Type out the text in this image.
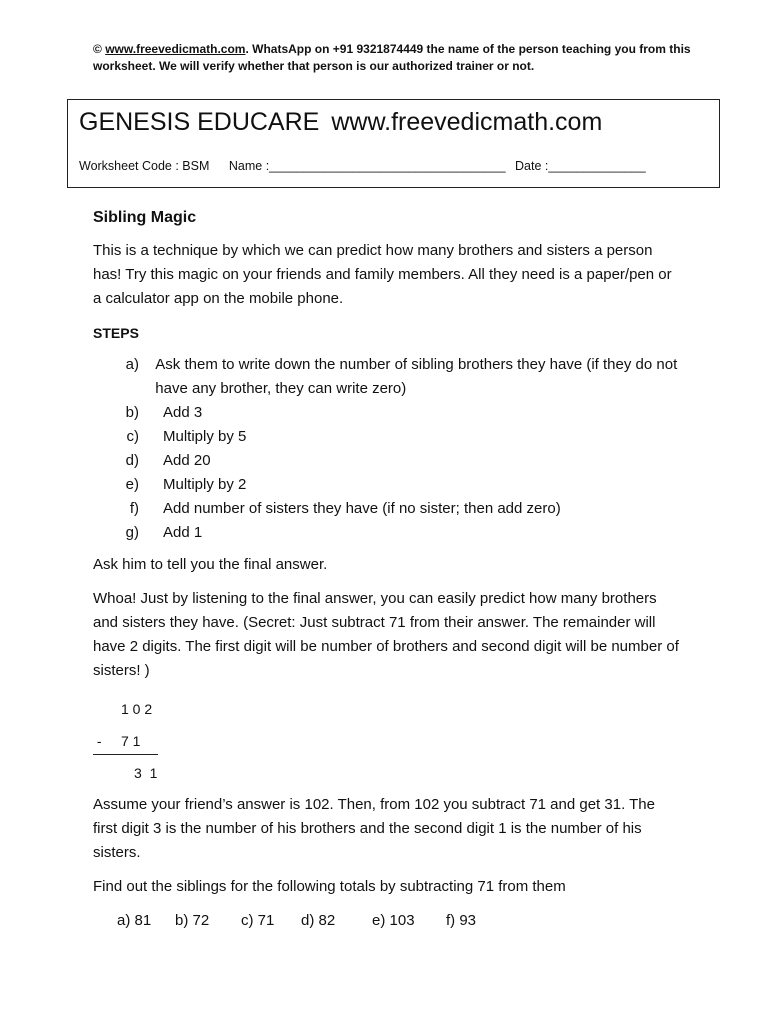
© www.freevedicmath.com. WhatsApp on +91 9321874449 the name of the person teaching you from this worksheet. We will verify whether that person is our authorized trainer or not.
GENESIS EDUCARE www.freevedicmath.com
Worksheet Code : BSM Name :__________________________________ Date :______________
Sibling Magic

This is a technique by which we can predict how many brothers and sisters a person has! Try this magic on your friends and family members. All they need is a paper/pen or a calculator app on the mobile phone.

STEPS
a) Ask them to write down the number of sibling brothers they have (if they do not have any brother, they can write zero)
b) Add 3
c) Multiply by 5
d) Add 20
e) Multiply by 2
f) Add number of sisters they have (if no sister; then add zero)
g) Add 1

Ask him to tell you the final answer.

Whoa! Just by listening to the final answer, you can easily predict how many brothers and sisters they have. (Secret: Just subtract 71 from their answer. The remainder will have 2 digits. The first digit will be number of brothers and second digit will be number of sisters! )

1 0 2
-     7 1
3  1

Assume your friend’s answer is 102. Then, from 102 you subtract 71 and get 31. The first digit 3 is the number of his brothers and the second digit 1 is the number of his sisters.

Find out the siblings for the following totals by subtracting 71 from them

a) 81	b) 72	c) 71	d) 82	e) 103	f) 93
